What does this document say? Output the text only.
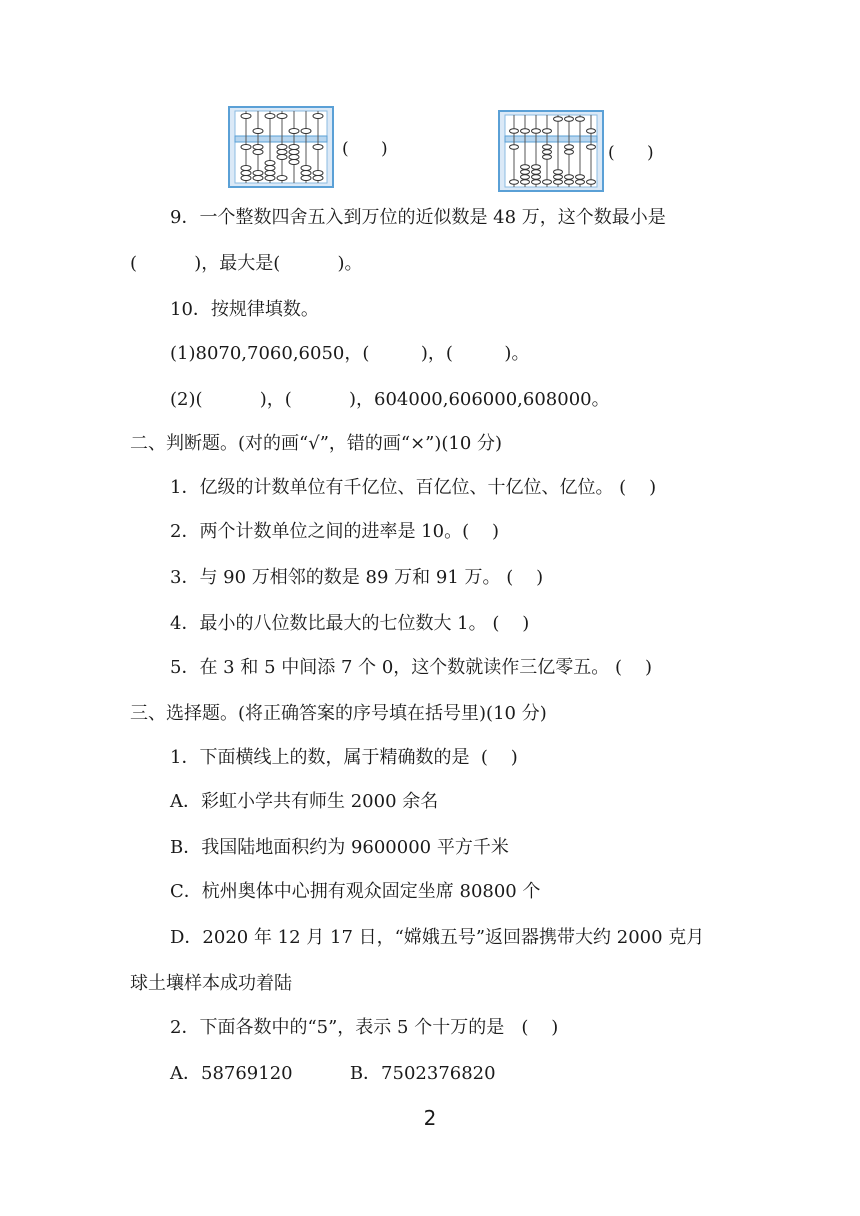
(      )	(      )
9．一个整数四舍五入到万位的近似数是 48 万，这个数最小是
(          )，最大是(          )。
10．按规律填数。
(1)8070,7060,6050，(         )，(         )。
(2)(          )，(          )，604000,606000,608000。
二、判断题。(对的画“√”，错的画“×”)(10 分)
1．亿级的计数单位有千亿位、百亿位、十亿位、亿位。 (    )
2．两个计数单位之间的进率是 10。(    )
3．与 90 万相邻的数是 89 万和 91 万。 (    )
4．最小的八位数比最大的七位数大 1。 (    )
5．在 3 和 5 中间添 7 个 0，这个数就读作三亿零五。 (    )
三、选择题。(将正确答案的序号填在括号里)(10 分)
1．下面横线上的数，属于精确数的是  (    )
A．彩虹小学共有师生 2000 余名
B．我国陆地面积约为 9600000 平方千米
C．杭州奥体中心拥有观众固定坐席 80800 个
D．2020 年 12 月 17 日，“嫦娥五号”返回器携带大约 2000 克月
球土壤样本成功着陆
2．下面各数中的“5”，表示 5 个十万的是   (    )
A．58769120          B．7502376820
2
